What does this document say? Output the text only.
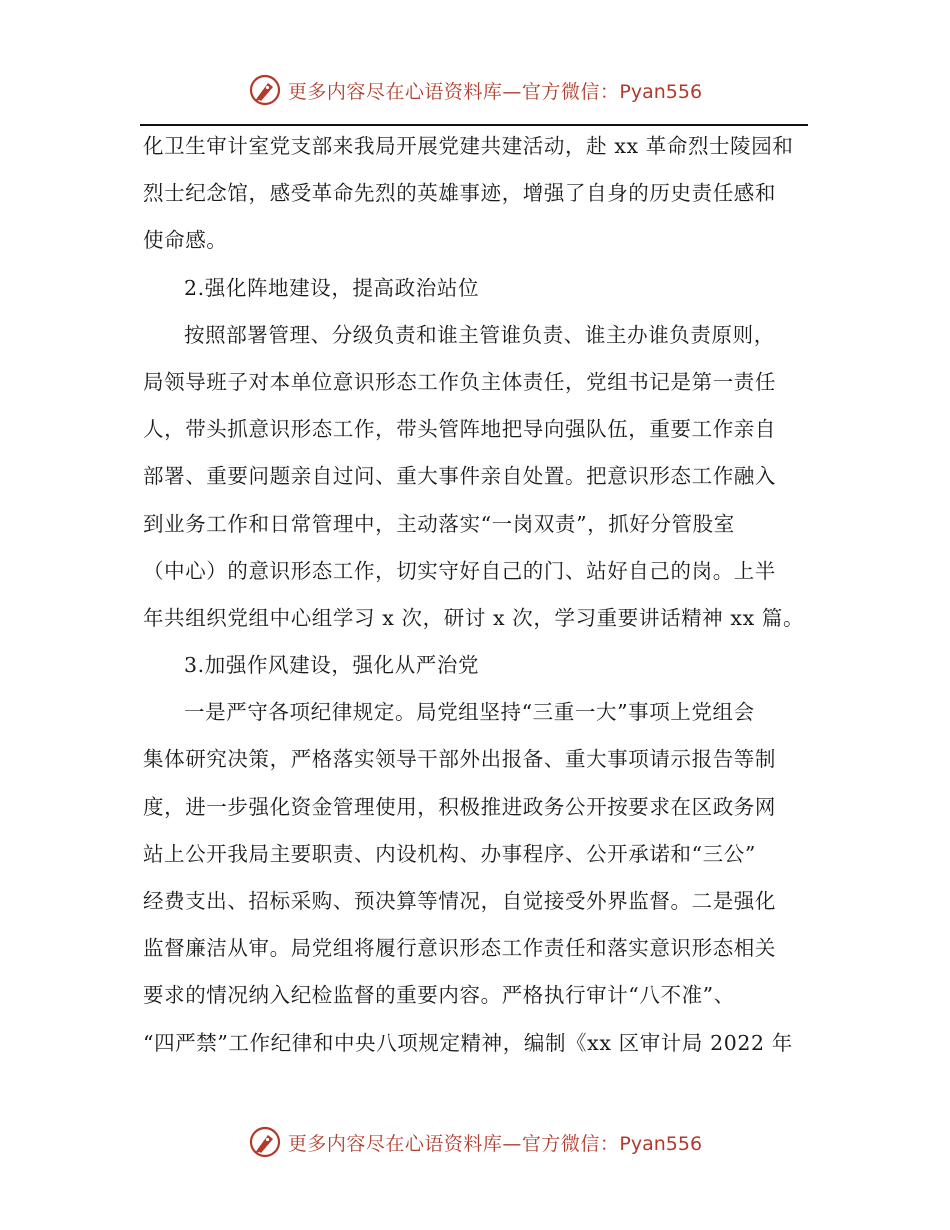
更多内容尽在心语资料库—官方微信：Pyan556
化卫生审计室党支部来我局开展党建共建活动，赴 xx 革命烈士陵园和
烈士纪念馆，感受革命先烈的英雄事迹，增强了自身的历史责任感和
使命感。
2.强化阵地建设，提高政治站位
按照部署管理、分级负责和谁主管谁负责、谁主办谁负责原则，
局领导班子对本单位意识形态工作负主体责任，党组书记是第一责任
人，带头抓意识形态工作，带头管阵地把导向强队伍，重要工作亲自
部署、重要问题亲自过问、重大事件亲自处置。把意识形态工作融入
到业务工作和日常管理中，主动落实“一岗双责”，抓好分管股室
（中心）的意识形态工作，切实守好自己的门、站好自己的岗。上半
年共组织党组中心组学习 x 次，研讨 x 次，学习重要讲话精神 xx 篇。
3.加强作风建设，强化从严治党
一是严守各项纪律规定。局党组坚持“三重一大”事项上党组会
集体研究决策，严格落实领导干部外出报备、重大事项请示报告等制
度，进一步强化资金管理使用，积极推进政务公开按要求在区政务网
站上公开我局主要职责、内设机构、办事程序、公开承诺和“三公”
经费支出、招标采购、预决算等情况，自觉接受外界监督。二是强化
监督廉洁从审。局党组将履行意识形态工作责任和落实意识形态相关
要求的情况纳入纪检监督的重要内容。严格执行审计“八不准”、
“四严禁”工作纪律和中央八项规定精神，编制《xx 区审计局 2022 年
更多内容尽在心语资料库—官方微信：Pyan556
